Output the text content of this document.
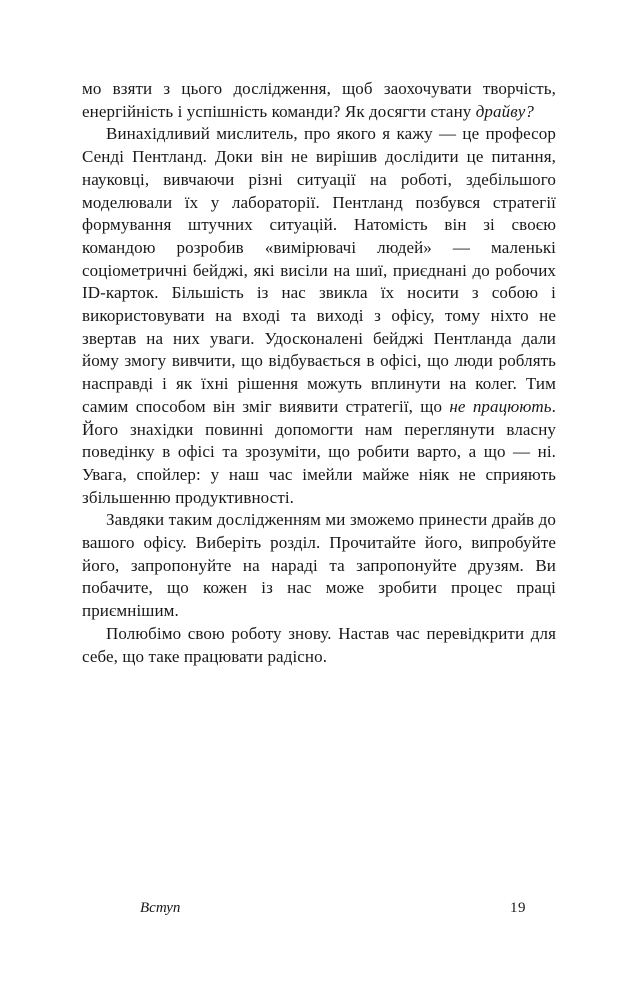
мо взяти з цього дослідження, щоб заохочувати творчість, енергійність і успішність команди? Як досягти стану драйву?

Винахідливий мислитель, про якого я кажу — це професор Сенді Пентланд. Доки він не вирішив дослідити це питання, науковці, вивчаючи різні ситуації на роботі, здебільшого моделювали їх у лабораторії. Пентланд позбувся стратегії формування штучних ситуацій. Натомість він зі своєю командою розробив «вимірювачі людей» — маленькі соціометричні бейджі, які висіли на шиї, приєднані до робочих ID-карток. Більшість із нас звикла їх носити з собою і використовувати на вході та виході з офісу, тому ніхто не звертав на них уваги. Удосконалені бейджі Пентланда дали йому змогу вивчити, що відбувається в офісі, що люди роблять насправді і як їхні рішення можуть вплинути на колег. Тим самим способом він зміг виявити стратегії, що не працюють. Його знахідки повинні допомогти нам переглянути власну поведінку в офісі та зрозуміти, що робити варто, а що — ні. Увага, спойлер: у наш час імейли майже ніяк не сприяють збільшенню продуктивності.

Завдяки таким дослідженням ми зможемо принести драйв до вашого офісу. Виберіть розділ. Прочитайте його, випробуйте його, запропонуйте на нараді та запропонуйте друзям. Ви побачите, що кожен із нас може зробити процес праці приємнішим.

Полюбімо свою роботу знову. Настав час перевідкрити для себе, що таке працювати радісно.

Вступ	19
